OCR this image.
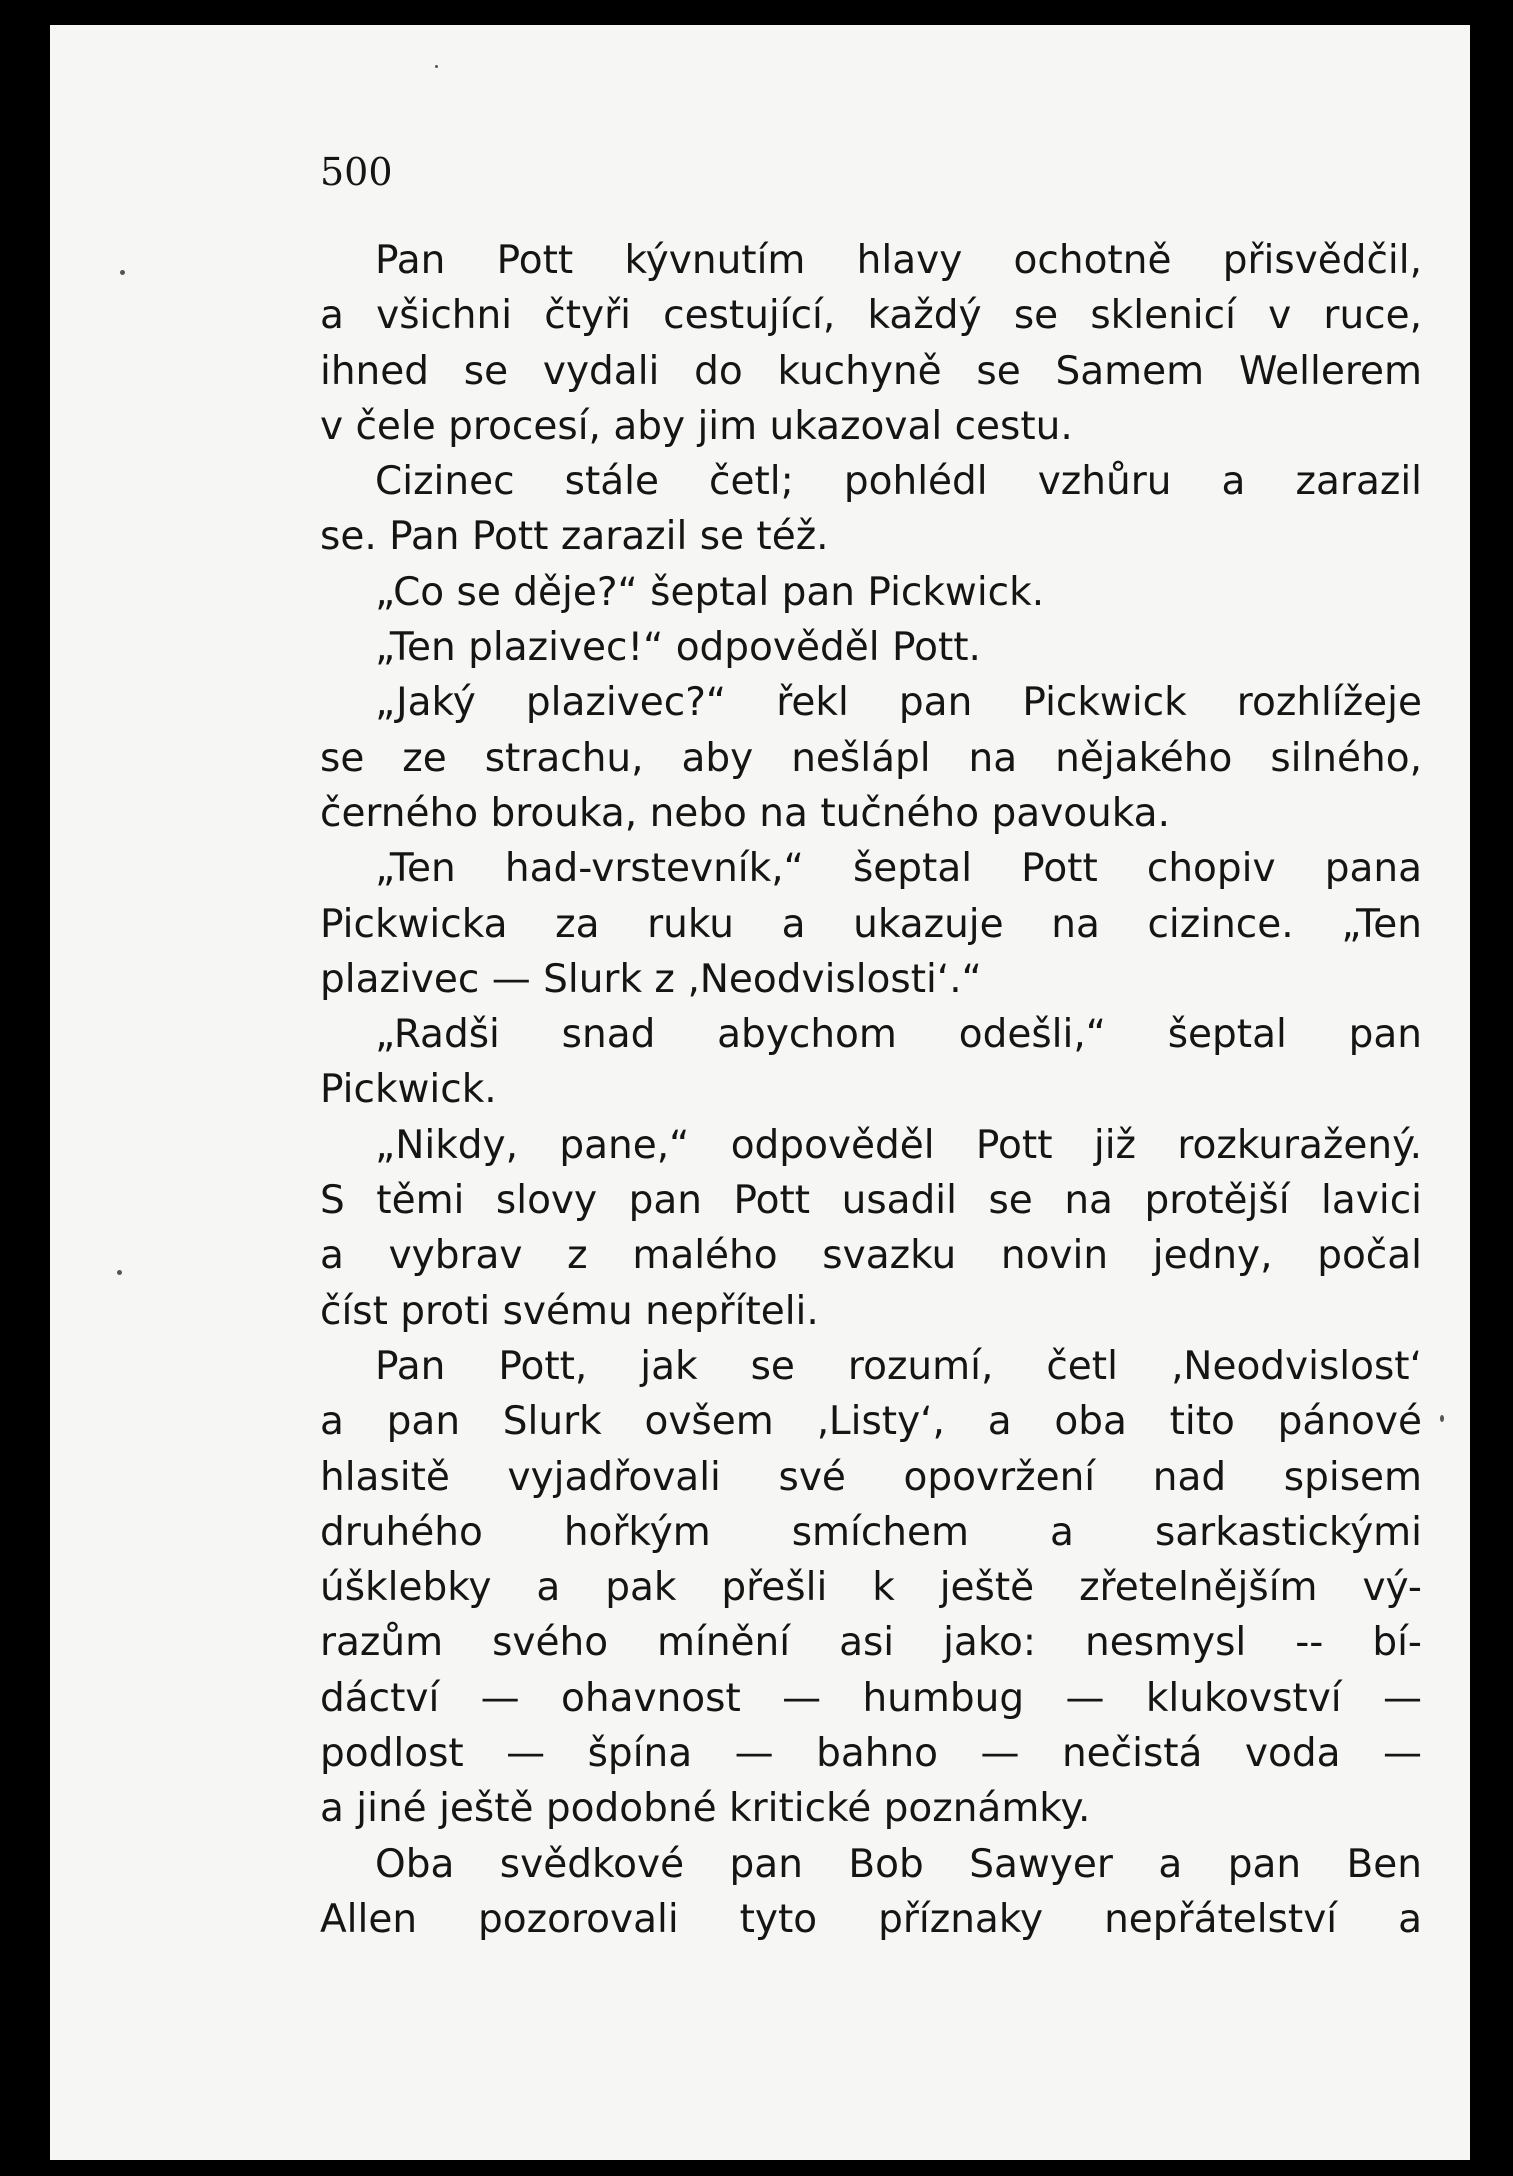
500

Pan Pott kývnutím hlavy ochotně přisvědčil,
a všichni čtyři cestující, každý se sklenicí v ruce,
ihned se vydali do kuchyně se Samem Wellerem
v čele procesí, aby jim ukazoval cestu.
Cizinec stále četl; pohlédl vzhůru a zarazil
se. Pan Pott zarazil se též.
„Co se děje?“ šeptal pan Pickwick.
„Ten plazivec!“ odpověděl Pott.
„Jaký plazivec?“ řekl pan Pickwick rozhlížeje
se ze strachu, aby nešlápl na nějakého silného,
černého brouka, nebo na tučného pavouka.
„Ten had-vrstevník,“ šeptal Pott chopiv pana
Pickwicka za ruku a ukazuje na cizince. „Ten
plazivec — Slurk z ‚Neodvislosti‘.“
„Radši snad abychom odešli,“ šeptal pan
Pickwick.
„Nikdy, pane,“ odpověděl Pott již rozkuražený.
S těmi slovy pan Pott usadil se na protější lavici
a vybrav z malého svazku novin jedny, počal
číst proti svému nepříteli.
Pan Pott, jak se rozumí, četl ‚Neodvislost‘
a pan Slurk ovšem ‚Listy‘, a oba tito pánové
hlasitě vyjadřovali své opovržení nad spisem
druhého hořkým smíchem a sarkastickými
úšklebky a pak přešli k ještě zřetelnějším vý-
razům svého mínění asi jako: nesmysl -- bí-
dáctví — ohavnost — humbug — klukovství —
podlost — špína — bahno — nečistá voda —
a jiné ještě podobné kritické poznámky.
Oba svědkové pan Bob Sawyer a pan Ben
Allen pozorovali tyto příznaky nepřátelství a
